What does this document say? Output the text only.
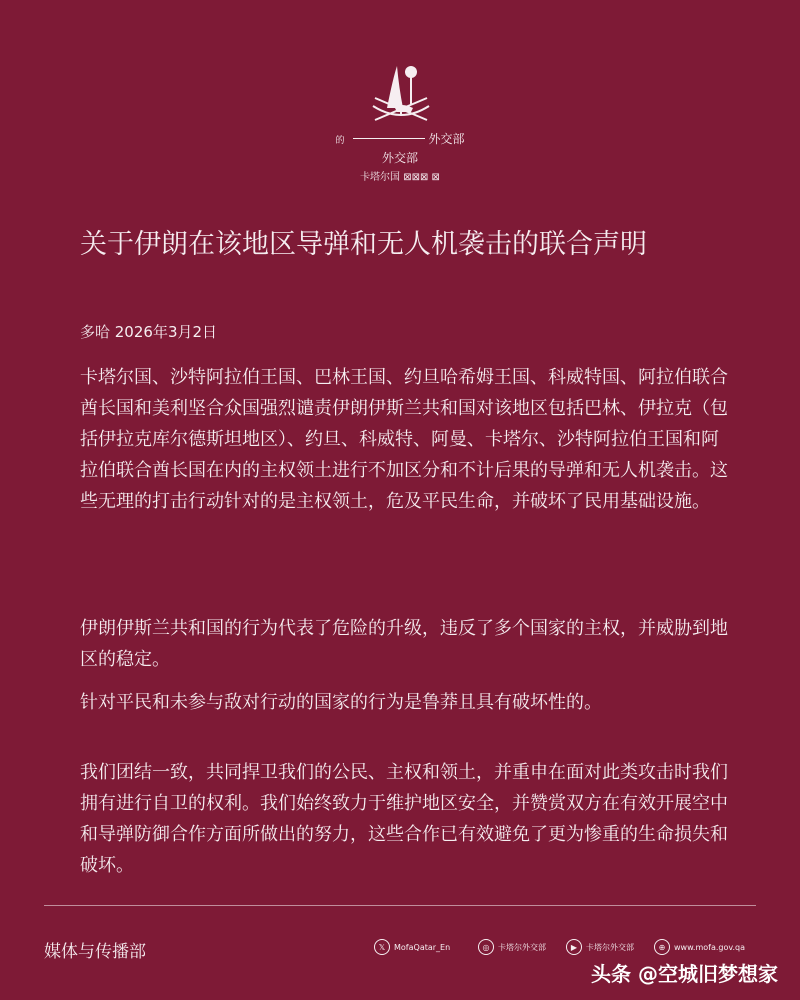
的	外交部
外交部
卡塔尔国 ⊠⊠⊠ ⊠
关于伊朗在该地区导弹和无人机袭击的联合声明
多哈 2026年3月2日

卡塔尔国、沙特阿拉伯王国、巴林王国、约旦哈希姆王国、科威特国、阿拉伯联合酋长国和美利坚合众国强烈谴责伊朗伊斯兰共和国对该地区包括巴林、伊拉克（包括伊拉克库尔德斯坦地区）、约旦、科威特、阿曼、卡塔尔、沙特阿拉伯王国和阿拉伯联合酋长国在内的主权领土进行不加区分和不计后果的导弹和无人机袭击。这些无理的打击行动针对的是主权领土，危及平民生命，并破坏了民用基础设施。

伊朗伊斯兰共和国的行为代表了危险的升级，违反了多个国家的主权，并威胁到地区的稳定。

针对平民和未参与敌对行动的国家的行为是鲁莽且具有破坏性的。

我们团结一致，共同捍卫我们的公民、主权和领土，并重申在面对此类攻击时我们拥有进行自卫的权利。我们始终致力于维护地区安全，并赞赏双方在有效开展空中和导弹防御合作方面所做出的努力，这些合作已有效避免了更为惨重的生命损失和破坏。

媒体与传播部	𝕏	MofaQatar_En	◎	卡塔尔外交部	▶	卡塔尔外交部	⊕	www.mofa.gov.qa
头条 @空城旧梦想家
